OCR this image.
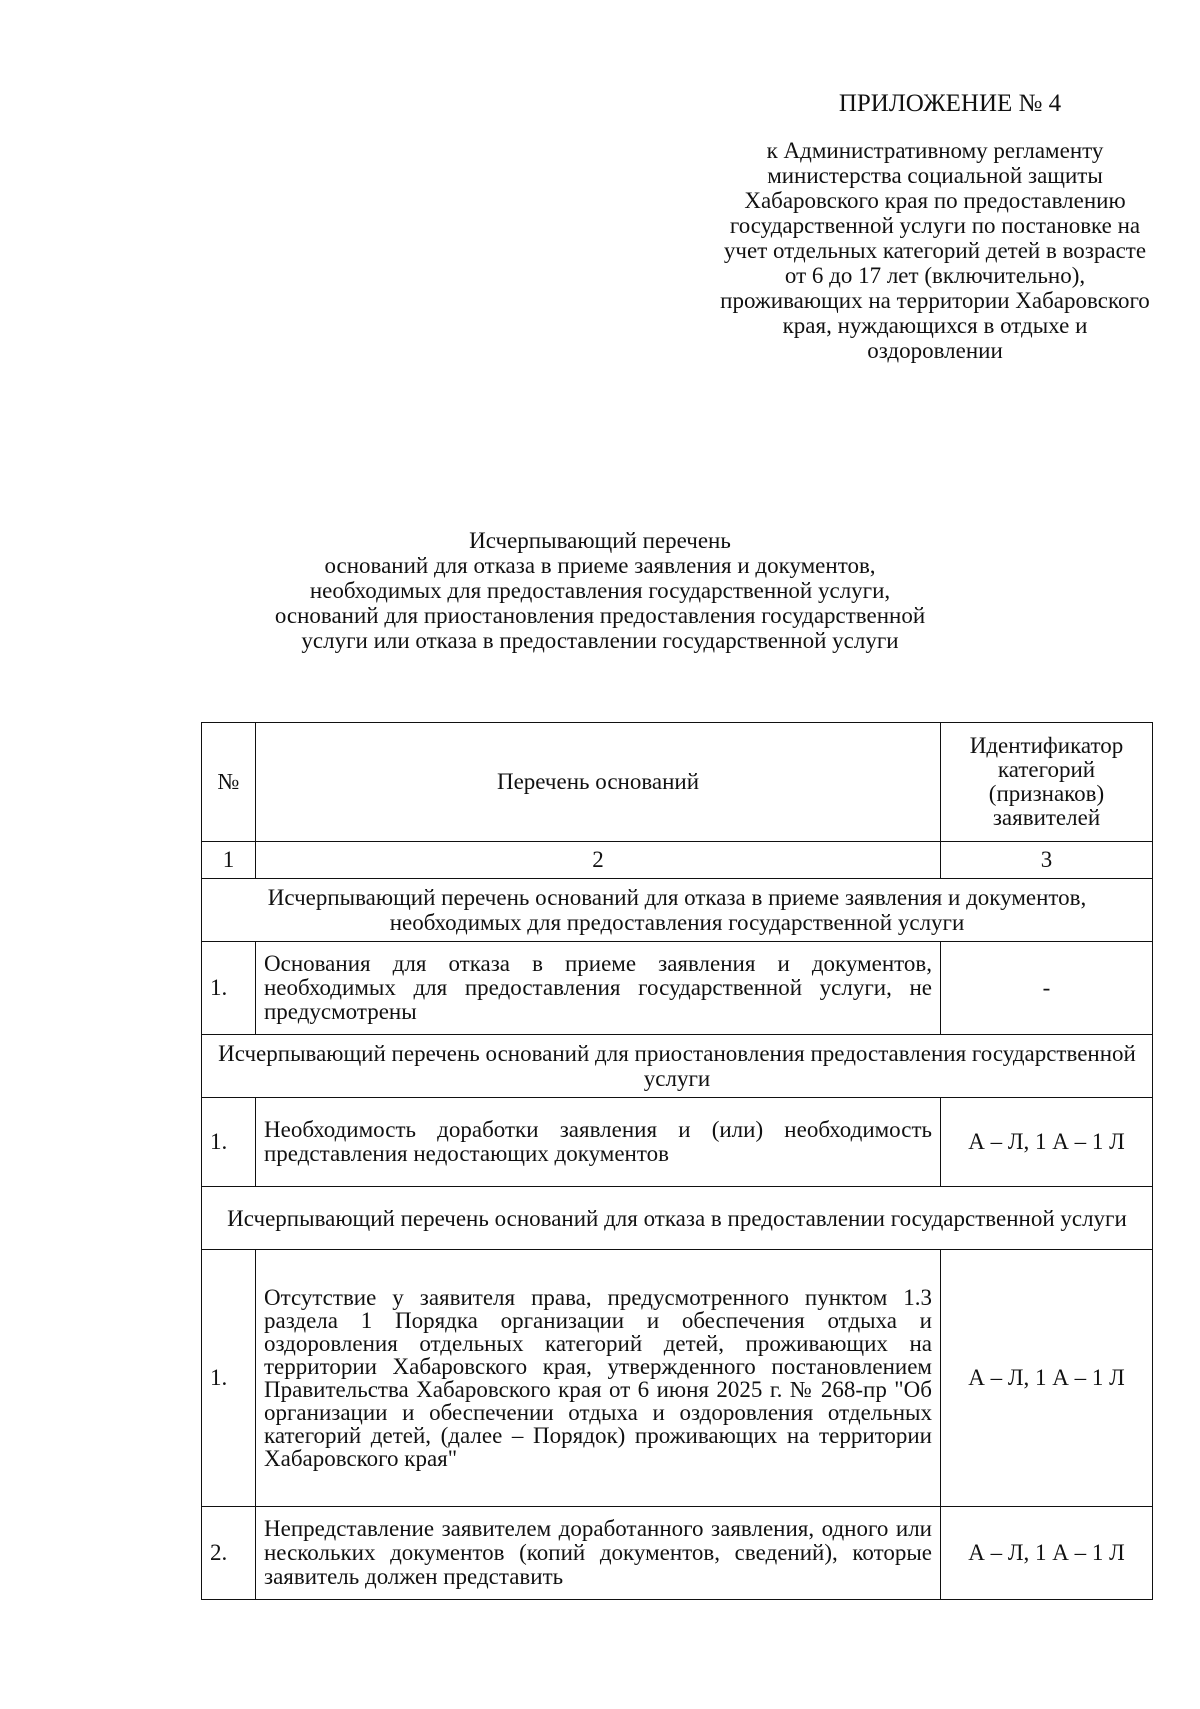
ПРИЛОЖЕНИЕ № 4
к Административному регламенту министерства социальной защиты Хабаровского края по предоставлению государственной услуги по постановке на учет отдельных категорий детей в возрасте от 6 до 17 лет (включительно), проживающих на территории Хабаровского края, нуждающихся в отдыхе и оздоровлении
Исчерпывающий перечень
оснований для отказа в приеме заявления и документов,
необходимых для предоставления государственной услуги,
оснований для приостановления предоставления государственной
услуги или отказа в предоставлении государственной услуги
№	Перечень оснований	Идентификатор категорий (признаков) заявителей
1	2	3
Исчерпывающий перечень оснований для отказа в приеме заявления и документов, необходимых для предоставления государственной услуги		
1.	Основания для отказа в приеме заявления и документов, необходимых для предоставления государственной услуги, не предусмотрены	-
Исчерпывающий перечень оснований для приостановления предоставления государственной услуги		
1.	Необходимость доработки заявления и (или) необходимость представления недостающих документов	А – Л, 1 А – 1 Л
Исчерпывающий перечень оснований для отказа в предоставлении государственной услуги		
1.	Отсутствие у заявителя права, предусмотренного пунктом 1.3 раздела 1 Порядка организации и обеспечения отдыха и оздоровления отдельных категорий детей, проживающих на территории Хабаровского края, утвержденного постановлением Правительства Хабаровского края от 6 июня 2025 г. № 268-пр "Об организации и обеспечении отдыха и оздоровления отдельных категорий детей, (далее – Порядок) проживающих на территории Хабаровского края"	А – Л, 1 А – 1 Л
2.	Непредставление заявителем доработанного заявления, одного или нескольких документов (копий документов, сведений), которые заявитель должен представить	А – Л, 1 А – 1 Л
